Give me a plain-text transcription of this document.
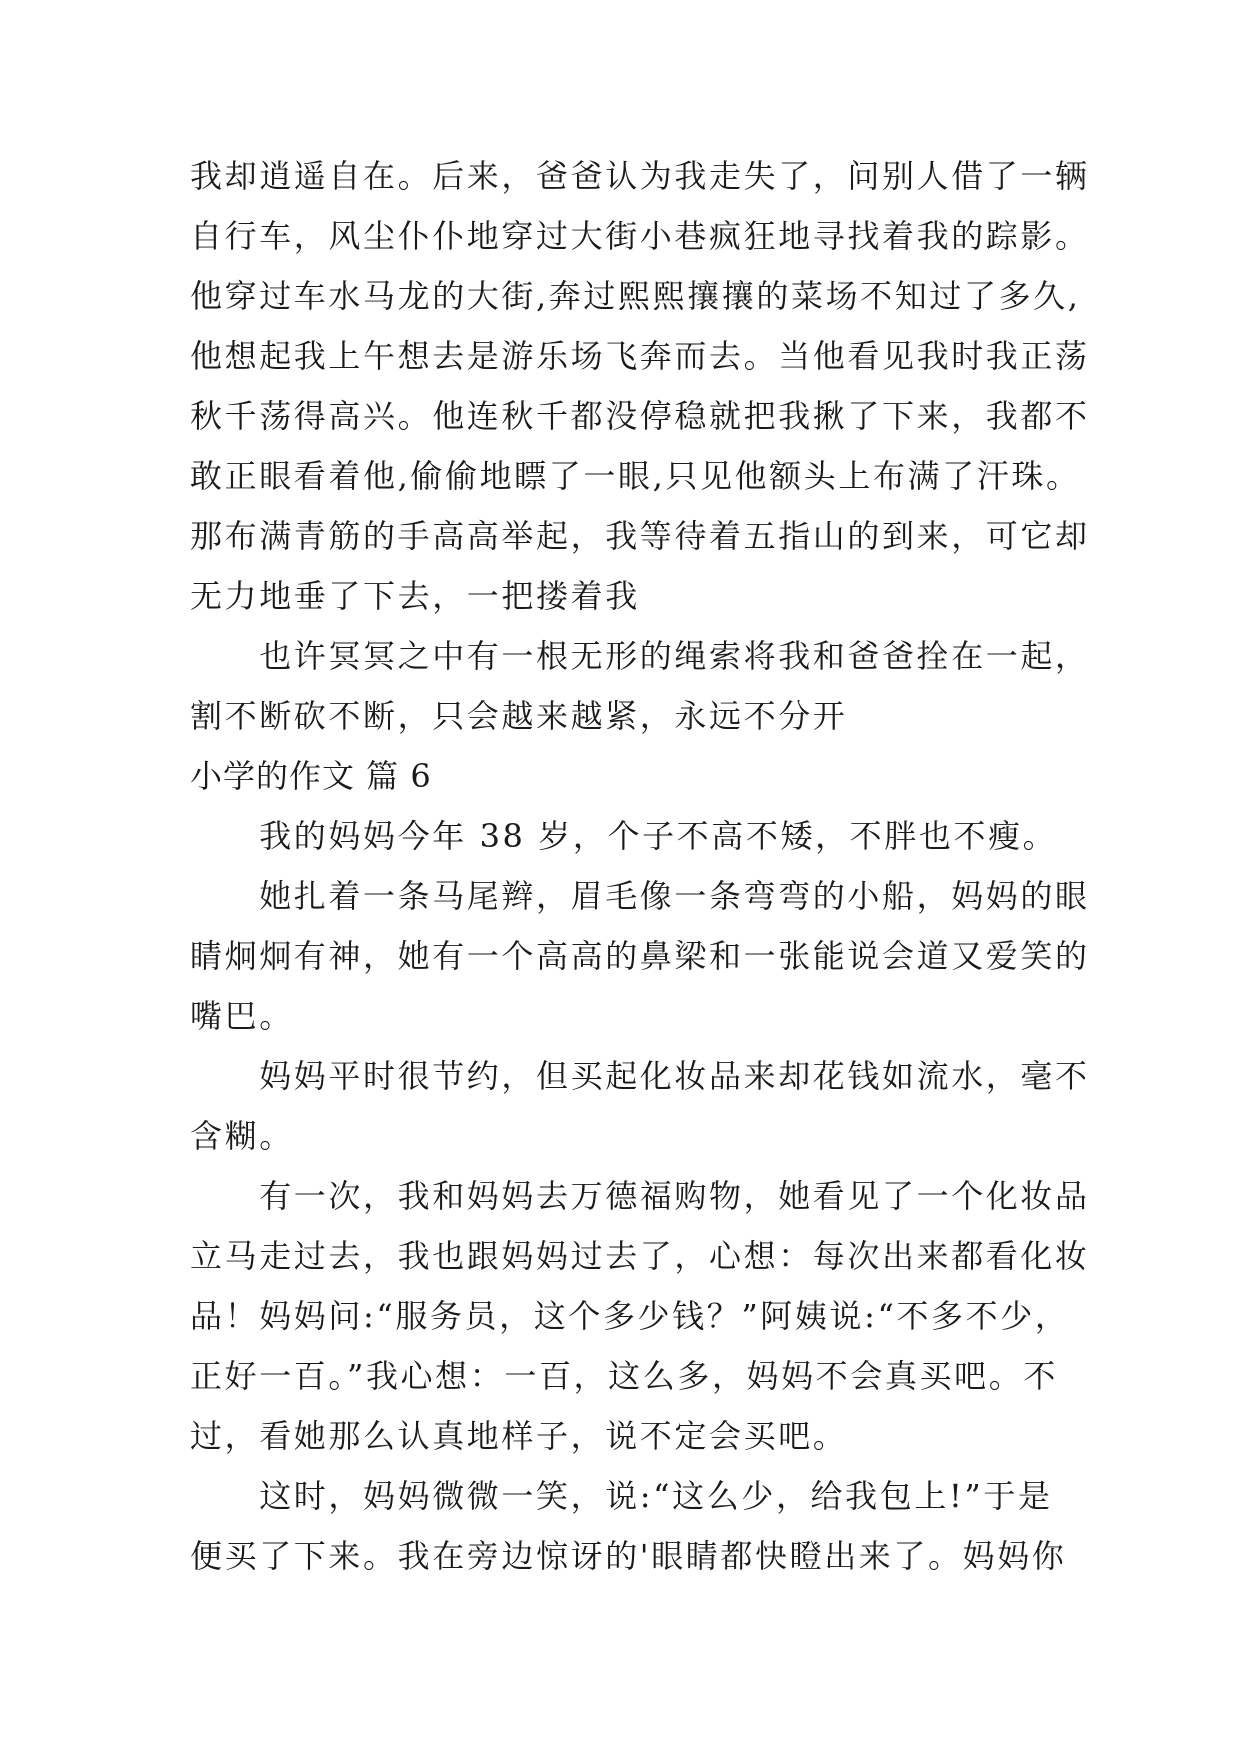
我却逍遥自在。后来，爸爸认为我走失了，问别人借了一辆
自行车，风尘仆仆地穿过大街小巷疯狂地寻找着我的踪影。
他穿过车水马龙的大街,奔过熙熙攘攘的菜场不知过了多久,
他想起我上午想去是游乐场飞奔而去。当他看见我时我正荡
秋千荡得高兴。他连秋千都没停稳就把我揪了下来，我都不
敢正眼看着他,偷偷地瞟了一眼,只见他额头上布满了汗珠。
那布满青筋的手高高举起，我等待着五指山的到来，可它却
无力地垂了下去，一把搂着我
　　也许冥冥之中有一根无形的绳索将我和爸爸拴在一起，
割不断砍不断，只会越来越紧，永远不分开
小学的作文 篇 6
　　我的妈妈今年 38 岁，个子不高不矮，不胖也不瘦。
　　她扎着一条马尾辫，眉毛像一条弯弯的小船，妈妈的眼
睛炯炯有神，她有一个高高的鼻梁和一张能说会道又爱笑的
嘴巴。
　　妈妈平时很节约，但买起化妆品来却花钱如流水，毫不
含糊。
　　有一次，我和妈妈去万德福购物，她看见了一个化妆品
立马走过去，我也跟妈妈过去了，心想：每次出来都看化妆
品！妈妈问:“服务员，这个多少钱？”阿姨说:“不多不少，
正好一百。”我心想：一百，这么多，妈妈不会真买吧。不
过，看她那么认真地样子，说不定会买吧。
　　这时，妈妈微微一笑，说:“这么少，给我包上!”于是
便买了下来。我在旁边惊讶的'眼睛都快瞪出来了。妈妈你
